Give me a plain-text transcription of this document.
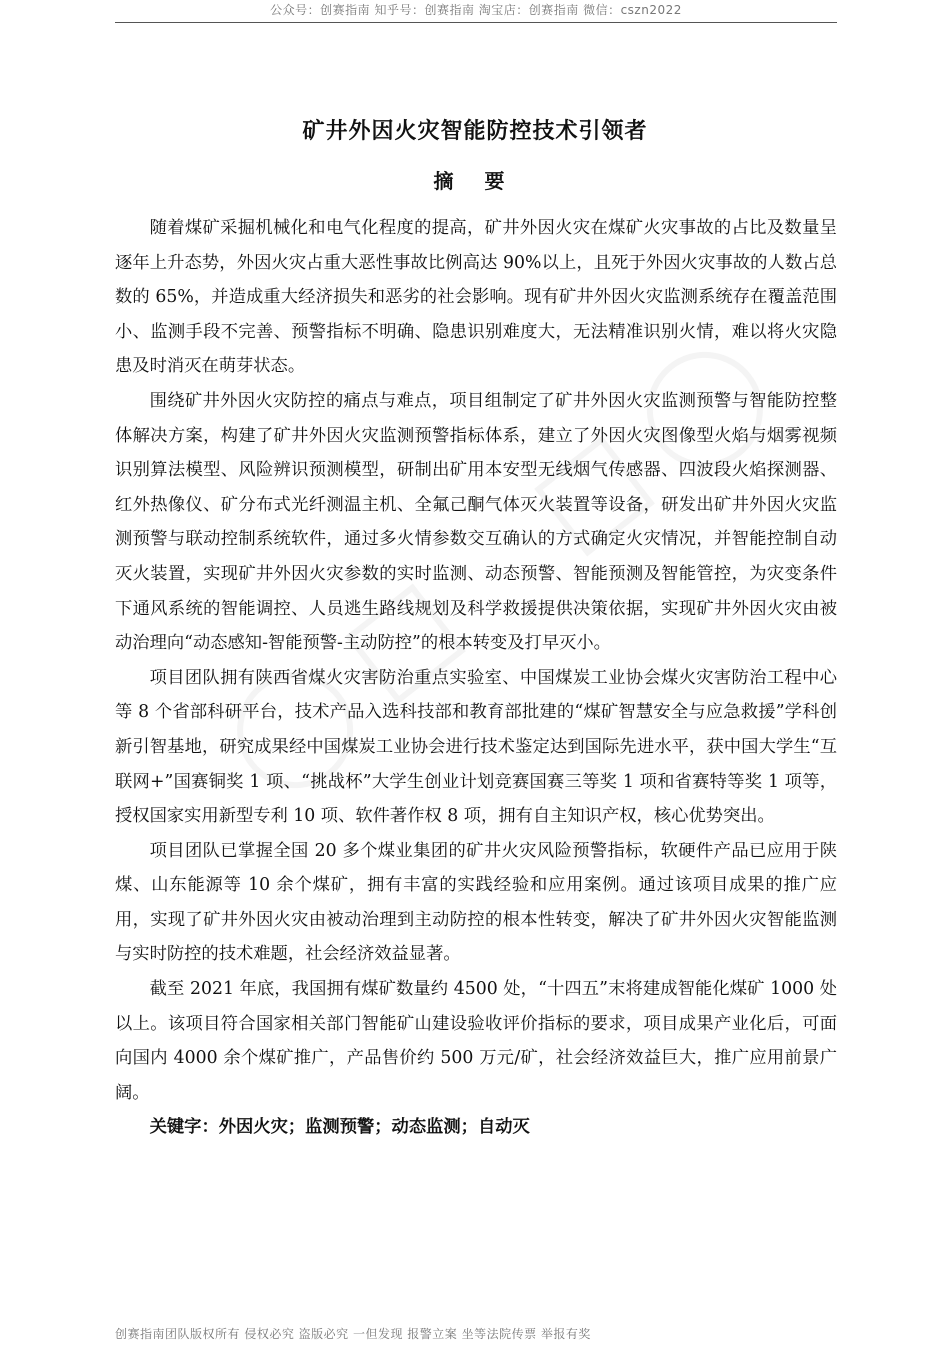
公众号：创赛指南 知乎号：创赛指南 淘宝店：创赛指南 微信：cszn2022
矿井外因火灾智能防控技术引领者
摘 要

随着煤矿采掘机械化和电气化程度的提高，矿井外因火灾在煤矿火灾事故的占比及数量呈逐年上升态势，外因火灾占重大恶性事故比例高达 90%以上，且死于外因火灾事故的人数占总数的 65%，并造成重大经济损失和恶劣的社会影响。现有矿井外因火灾监测系统存在覆盖范围小、监测手段不完善、预警指标不明确、隐患识别难度大，无法精准识别火情，难以将火灾隐患及时消灭在萌芽状态。

围绕矿井外因火灾防控的痛点与难点，项目组制定了矿井外因火灾监测预警与智能防控整体解决方案，构建了矿井外因火灾监测预警指标体系，建立了外因火灾图像型火焰与烟雾视频识别算法模型、风险辨识预测模型，研制出矿用本安型无线烟气传感器、四波段火焰探测器、红外热像仪、矿分布式光纤测温主机、全氟己酮气体灭火装置等设备，研发出矿井外因火灾监测预警与联动控制系统软件，通过多火情参数交互确认的方式确定火灾情况，并智能控制自动灭火装置，实现矿井外因火灾参数的实时监测、动态预警、智能预测及智能管控，为灾变条件下通风系统的智能调控、人员逃生路线规划及科学救援提供决策依据，实现矿井外因火灾由被动治理向“动态感知-智能预警-主动防控”的根本转变及打早灭小。

项目团队拥有陕西省煤火灾害防治重点实验室、中国煤炭工业协会煤火灾害防治工程中心等 8 个省部科研平台，技术产品入选科技部和教育部批建的“煤矿智慧安全与应急救援”学科创新引智基地，研究成果经中国煤炭工业协会进行技术鉴定达到国际先进水平，获中国大学生“互联网+”国赛铜奖 1 项、“挑战杯”大学生创业计划竞赛国赛三等奖 1 项和省赛特等奖 1 项等，授权国家实用新型专利 10 项、软件著作权 8 项，拥有自主知识产权，核心优势突出。

项目团队已掌握全国 20 多个煤业集团的矿井火灾风险预警指标，软硬件产品已应用于陕煤、山东能源等 10 余个煤矿，拥有丰富的实践经验和应用案例。通过该项目成果的推广应用，实现了矿井外因火灾由被动治理到主动防控的根本性转变，解决了矿井外因火灾智能监测与实时防控的技术难题，社会经济效益显著。

截至 2021 年底，我国拥有煤矿数量约 4500 处，“十四五”末将建成智能化煤矿 1000 处以上。该项目符合国家相关部门智能矿山建设验收评价指标的要求，项目成果产业化后，可面向国内 4000 余个煤矿推广，产品售价约 500 万元/矿，社会经济效益巨大，推广应用前景广阔。

关键字：外因火灾；监测预警；动态监测；自动灭

创赛指南团队版权所有 侵权必究 盗版必究 一但发现 报警立案 坐等法院传票 举报有奖
